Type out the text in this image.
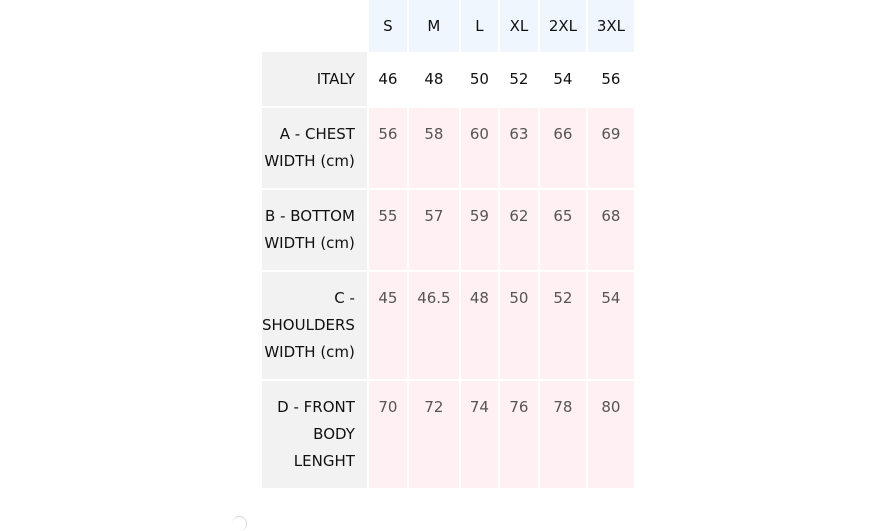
	S	M	L	XL	2XL	3XL
ITALY	46	48	50	52	54	56

A - CHEST WIDTH (cm)	56	58	60	63	66	69

B - BOTTOM WIDTH (cm)	55	57	59	62	65	68

C - SHOULDERS WIDTH (cm)	45	46.5	48	50	52	54

D - FRONT BODY LENGHT	70	72	74	76	78	80
